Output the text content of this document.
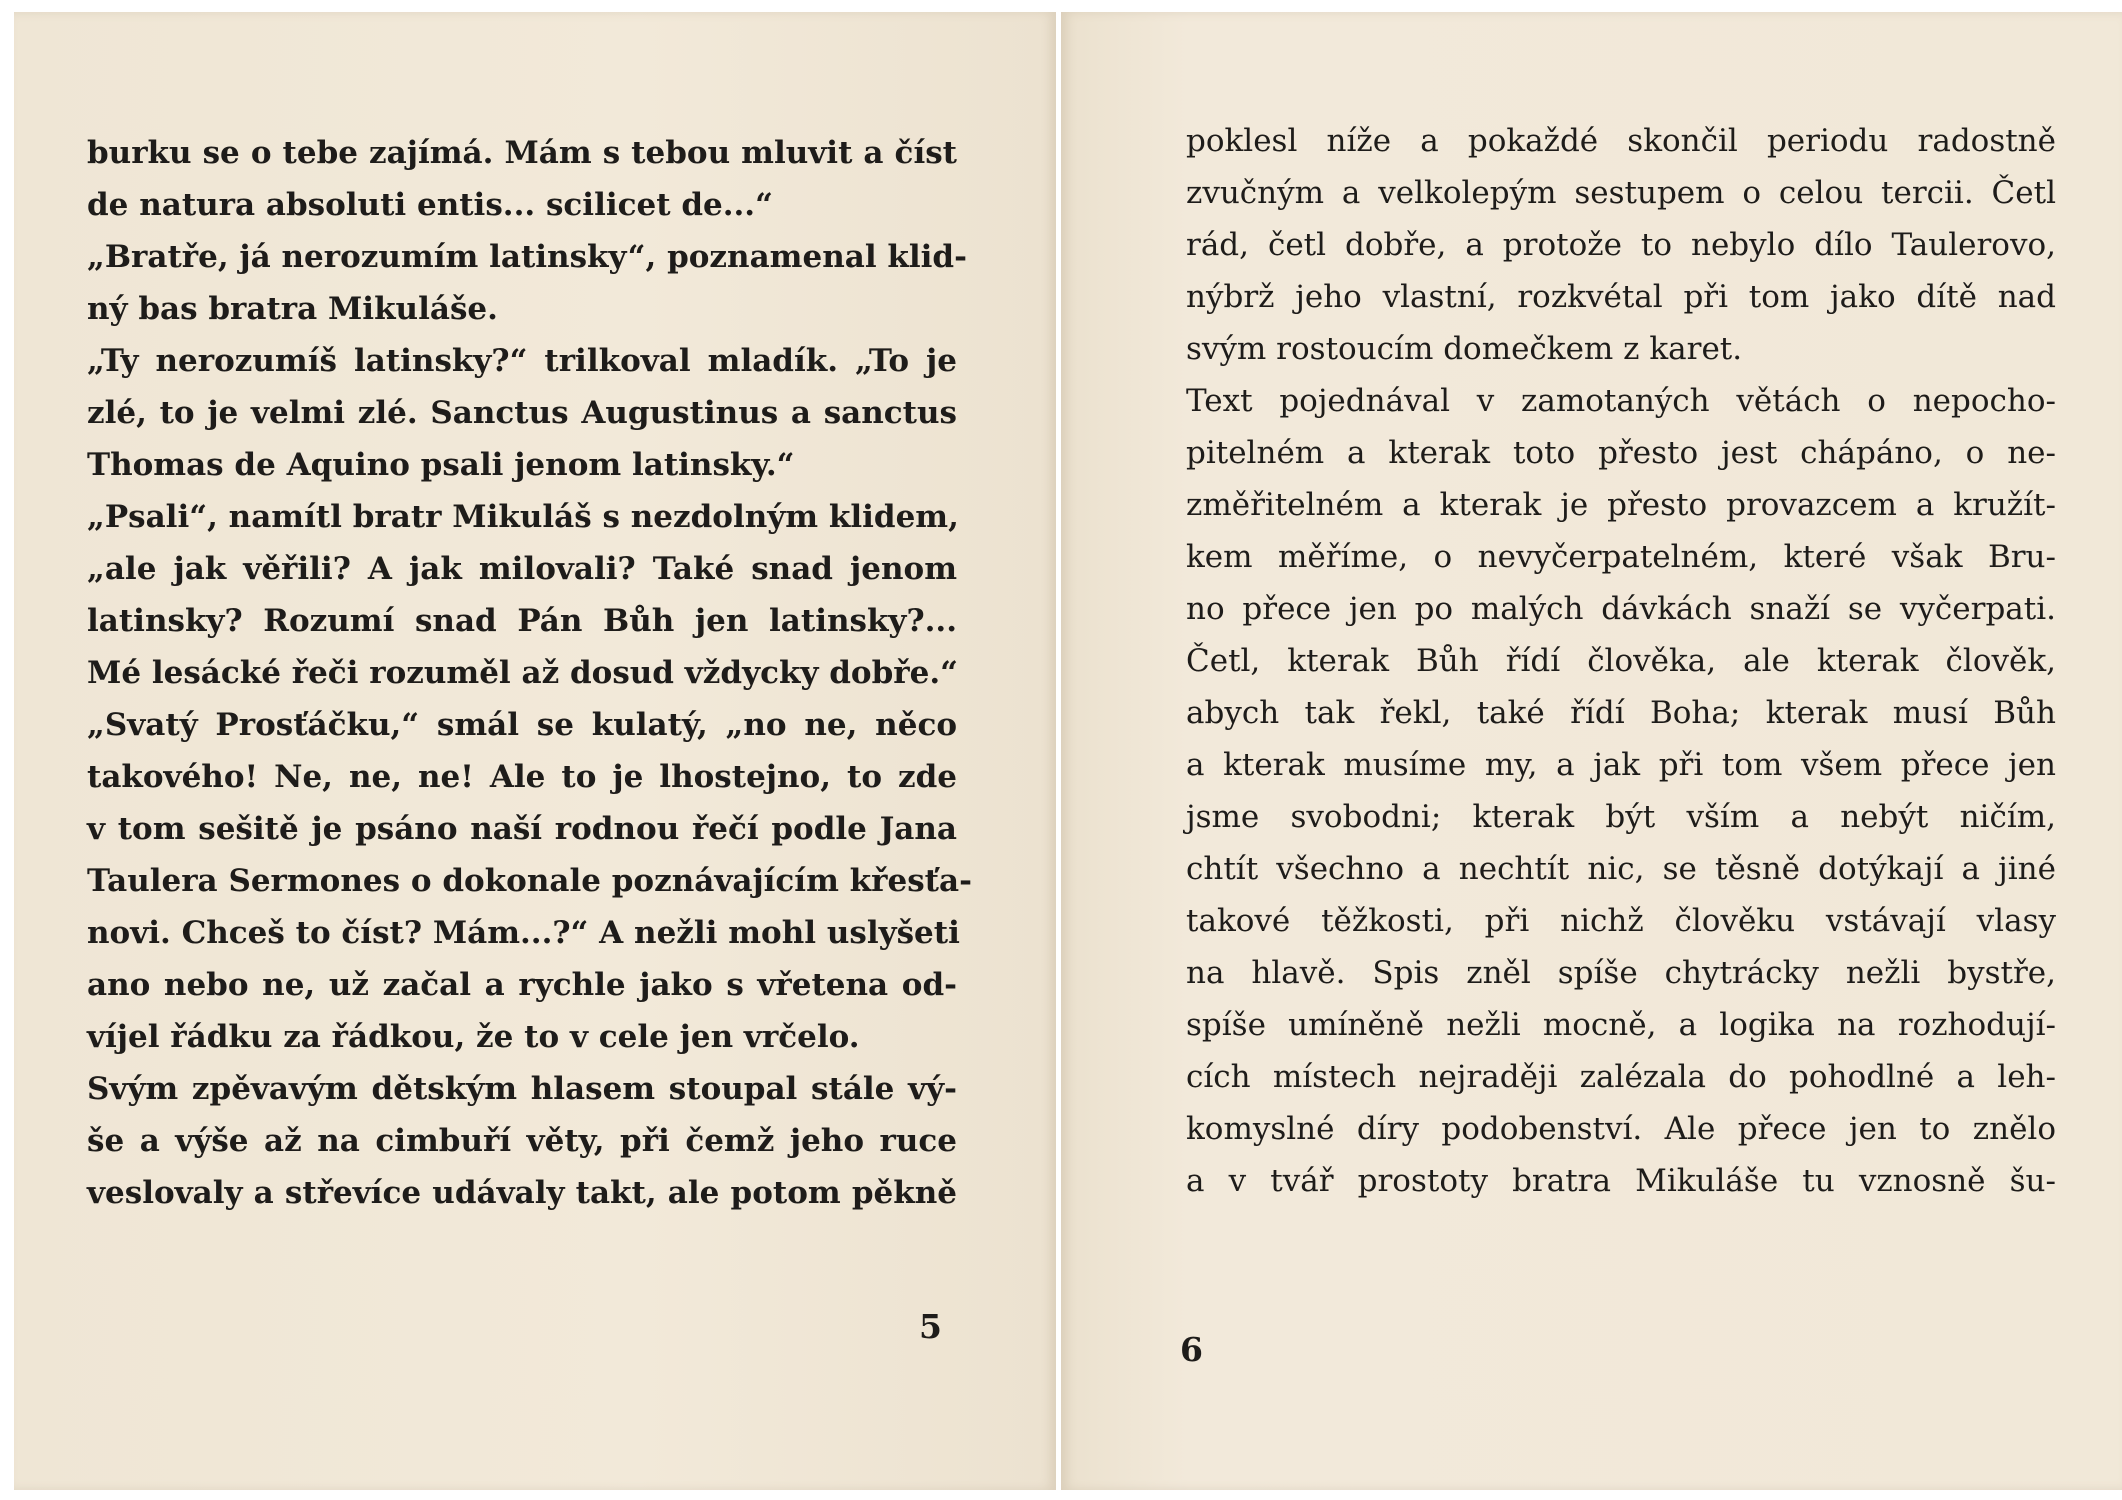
burku se o tebe zajímá. Mám s tebou mluvit a číst
de natura absoluti entis... scilicet de...“
„Bratře, já nerozumím latinsky“, poznamenal klid-
ný bas bratra Mikuláše.
„Ty nerozumíš latinsky?“ trilkoval mladík. „To je
zlé, to je velmi zlé. Sanctus Augustinus a sanctus
Thomas de Aquino psali jenom latinsky.“
„Psali“, namítl bratr Mikuláš s nezdolným klidem,
„ale jak věřili? A jak milovali? Také snad jenom
latinsky? Rozumí snad Pán Bůh jen latinsky?...
Mé lesácké řeči rozuměl až dosud vždycky dobře.“
„Svatý Prosťáčku,“ smál se kulatý, „no ne, něco
takového! Ne, ne, ne! Ale to je lhostejno, to zde
v tom sešitě je psáno naší rodnou řečí podle Jana
Taulera Sermones o dokonale poznávajícím křesťa-
novi. Chceš to číst? Mám...?“ A nežli mohl uslyšeti
ano nebo ne, už začal a rychle jako s vřetena od-
víjel řádku za řádkou, že to v cele jen vrčelo.
Svým zpěvavým dětským hlasem stoupal stále vý-
še a výše až na cimbuří věty, při čemž jeho ruce
veslovaly a střevíce udávaly takt, ale potom pěkně
5
poklesl níže a pokaždé skončil periodu radostně
zvučným a velkolepým sestupem o celou tercii. Četl
rád, četl dobře, a protože to nebylo dílo Taulerovo,
nýbrž jeho vlastní, rozkvétal při tom jako dítě nad
svým rostoucím domečkem z karet.
Text pojednával v zamotaných větách o nepocho-
pitelném a kterak toto přesto jest chápáno, o ne-
změřitelném a kterak je přesto provazcem a kružít-
kem měříme, o nevyčerpatelném, které však Bru-
no přece jen po malých dávkách snaží se vyčerpati.
Četl, kterak Bůh řídí člověka, ale kterak člověk,
abych tak řekl, také řídí Boha; kterak musí Bůh
a kterak musíme my, a jak při tom všem přece jen
jsme svobodni; kterak být vším a nebýt ničím,
chtít všechno a nechtít nic, se těsně dotýkají a jiné
takové těžkosti, při nichž člověku vstávají vlasy
na hlavě. Spis zněl spíše chytrácky nežli bystře,
spíše umíněně nežli mocně, a logika na rozhodují-
cích místech nejraději zalézala do pohodlné a leh-
komyslné díry podobenství. Ale přece jen to znělo
a v tvář prostoty bratra Mikuláše tu vznosně šu-
6
